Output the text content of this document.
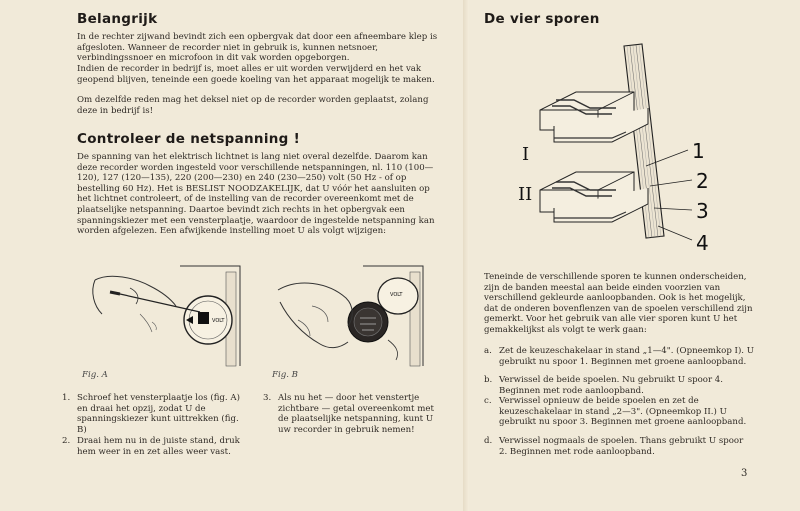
Belangrijk

In de rechter zijwand bevindt zich een opbergvak dat door een afneembare klep is afgesloten. Wanneer de recorder niet in gebruik is, kunnen netsnoer, verbindingssnoer en microfoon in dit vak worden opgeborgen.

Indien de recorder in bedrijf is, moet alles er uit worden verwijderd en het vak geopend blijven, teneinde een goede koeling van het apparaat mogelijk te maken.

Om dezelfde reden mag het deksel niet op de recorder worden geplaatst, zolang deze in bedrijf is!

Controleer de netspanning !

De spanning van het elektrisch lichtnet is lang niet overal dezelfde. Daarom kan deze recorder worden ingesteld voor verschillende netspanningen, nl. 110 (100—120), 127 (120—135), 220 (200—230) en 240 (230—250) volt (50 Hz - of op bestelling 60 Hz). Het is BESLIST NOODZAKELIJK, dat U vóór het aansluiten op het lichtnet controleert, of de instelling van de recorder overeenkomt met de plaatselijke netspanning. Daartoe bevindt zich rechts in het opbergvak een spanningskiezer met een vensterplaatje, waardoor de ingestelde netspanning kan worden afgelezen. Een afwijkende instelling moet U als volgt wijzigen:

VOLT
Fig. A
VOLT
Fig. B
1. Schroef het vensterplaatje los (fig. A) en draai het opzij, zodat U de spanningskiezer kunt uittrekken (fig. B)
2. Draai hem nu in de juiste stand, druk hem weer in en zet alles weer vast.
3. Als nu het — door het venstertje zichtbare — getal overeenkomt met de plaatselijke netspanning, kunt U uw recorder in gebruik nemen!
De vier sporen
I
II
1
2
3
4

Teneinde de verschillende sporen te kunnen onderscheiden, zijn de banden meestal aan beide einden voorzien van verschillend gekleurde aanloopbanden. Ook is het mogelijk, dat de onderen bovenflenzen van de spoelen verschillend zijn gemerkt. Voor het gebruik van alle vier sporen kunt U het gemakkelijkst als volgt te werk gaan:

a. Zet de keuzeschakelaar in stand „1—4". (Opneemkop I). U gebruikt nu spoor 1. Beginnen met groene aanloopband.
b. Verwissel de beide spoelen. Nu gebruikt U spoor 4. Beginnen met rode aanloopband.
c. Verwissel opnieuw de beide spoelen en zet de keuzeschakelaar in stand „2—3". (Opneemkop II.) U gebruikt nu spoor 3. Beginnen met groene aanloopband.
d. Verwissel nogmaals de spoelen. Thans gebruikt U spoor 2. Beginnen met rode aanloopband.
3
